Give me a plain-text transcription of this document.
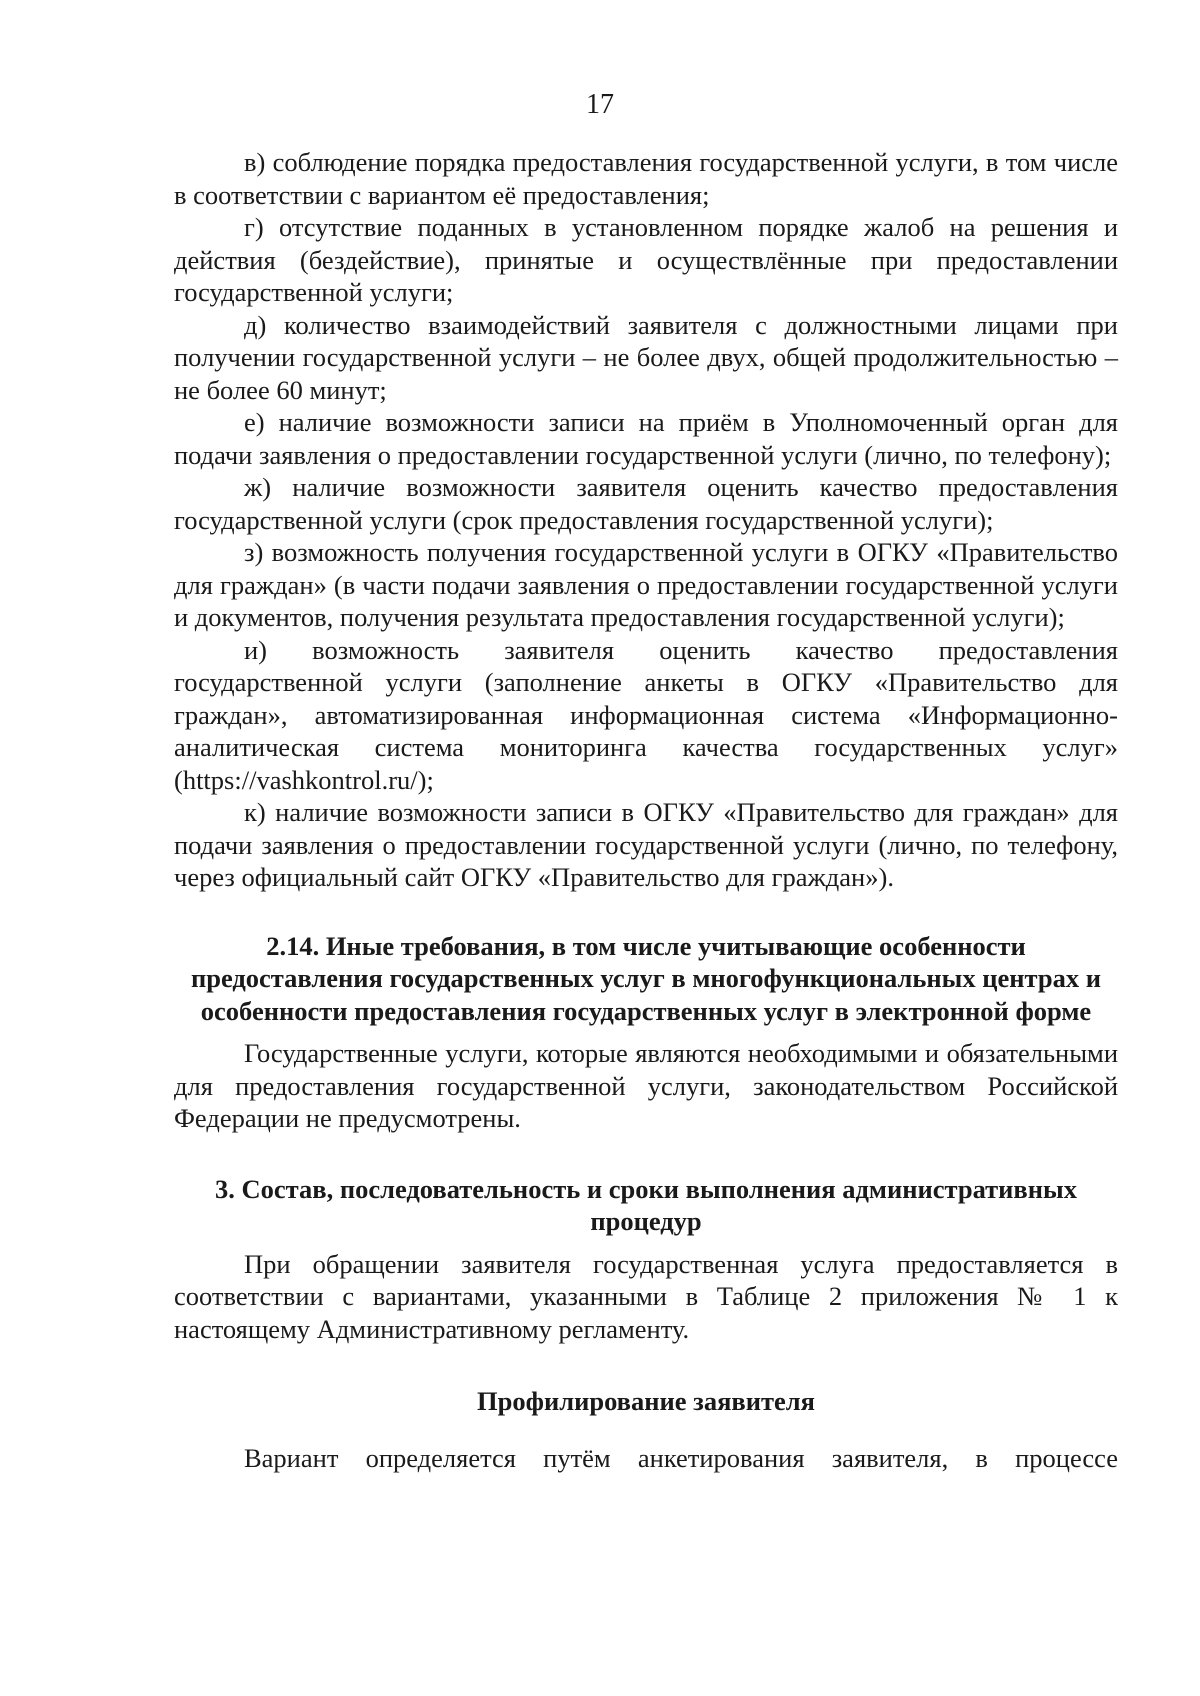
17

в) соблюдение порядка предоставления государственной услуги, в том числе в соответствии с вариантом её предоставления;

г) отсутствие поданных в установленном порядке жалоб на решения и действия (бездействие), принятые и осуществлённые при предоставлении государственной услуги;

д) количество взаимодействий заявителя с должностными лицами при получении государственной услуги – не более двух, общей продолжительностью – не более 60 минут;

е) наличие возможности записи на приём в Уполномоченный орган для подачи заявления о предоставлении государственной услуги (лично, по телефону);

ж) наличие возможности заявителя оценить качество предоставления государственной услуги (срок предоставления государственной услуги);

з) возможность получения государственной услуги в ОГКУ «Правительство для граждан» (в части подачи заявления о предоставлении государственной услуги и документов, получения результата предоставления государственной услуги);

и) возможность заявителя оценить качество предоставления государственной услуги (заполнение анкеты в ОГКУ «Правительство для граждан», автоматизированная информационная система «Информационно-аналитическая система мониторинга качества государственных услуг» (https://vashkontrol.ru/);

к) наличие возможности записи в ОГКУ «Правительство для граждан» для подачи заявления о предоставлении государственной услуги (лично, по телефону, через официальный сайт ОГКУ «Правительство для граждан»).

2.14. Иные требования, в том числе учитывающие особенности предоставления государственных услуг в многофункциональных центрах и особенности предоставления государственных услуг в электронной форме

Государственные услуги, которые являются необходимыми и обязательными для предоставления государственной услуги, законодательством Российской Федерации не предусмотрены.

3. Состав, последовательность и сроки выполнения административных процедур

При обращении заявителя государственная услуга предоставляется в соответствии с вариантами, указанными в Таблице 2 приложения № 1 к настоящему Административному регламенту.

Профилирование заявителя

Вариант определяется путём анкетирования заявителя, в процессе
